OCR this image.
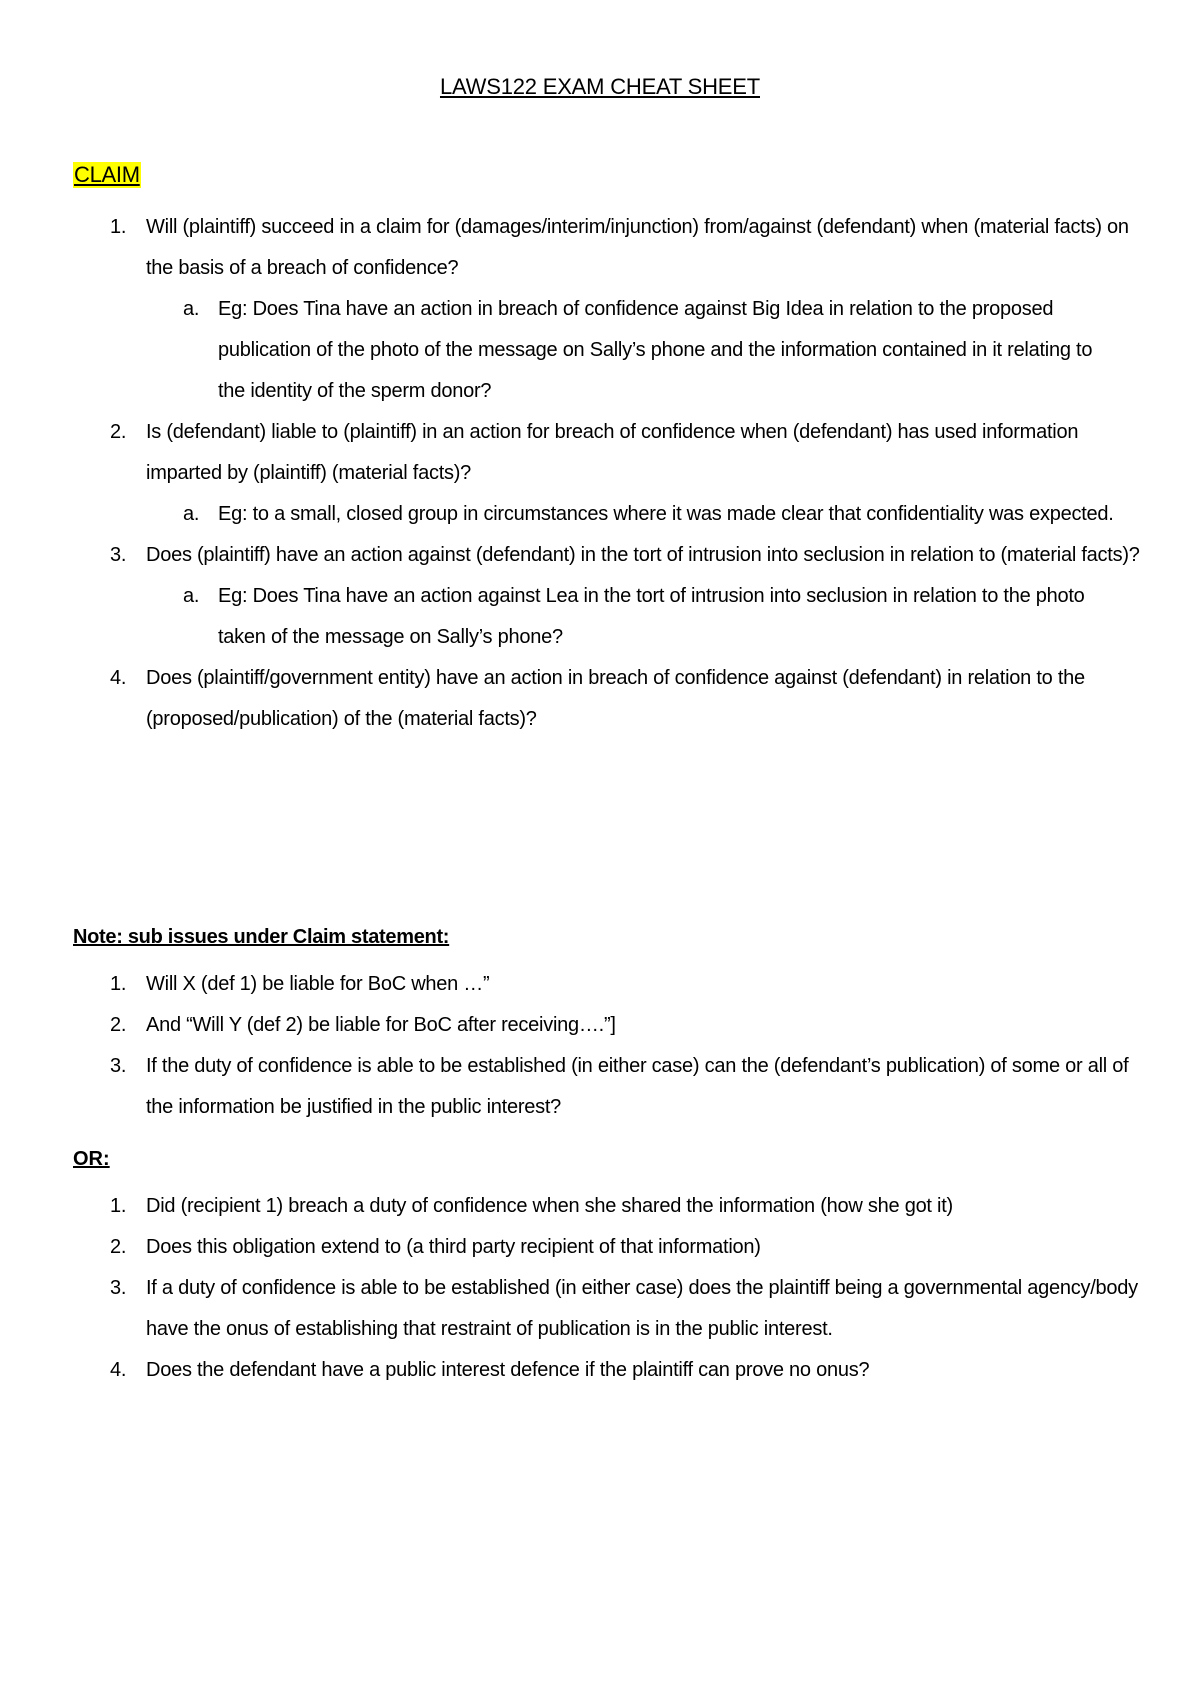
LAWS122 EXAM CHEAT SHEET
CLAIM
1. Will (plaintiff) succeed in a claim for (damages/interim/injunction) from/against (defendant) when (material facts) on the basis of a breach of confidence?
a. Eg: Does Tina have an action in breach of confidence against Big Idea in relation to the proposed publication of the photo of the message on Sally’s phone and the information contained in it relating to the identity of the sperm donor?
2. Is (defendant) liable to (plaintiff) in an action for breach of confidence when (defendant) has used information imparted by (plaintiff) (material facts)?
a. Eg: to a small, closed group in circumstances where it was made clear that confidentiality was expected.
3. Does (plaintiff) have an action against (defendant) in the tort of intrusion into seclusion in relation to (material facts)?
a. Eg: Does Tina have an action against Lea in the tort of intrusion into seclusion in relation to the photo taken of the message on Sally’s phone?
4. Does (plaintiff/government entity) have an action in breach of confidence against (defendant) in relation to the (proposed/publication) of the (material facts)?
Note: sub issues under Claim statement:
1. Will X (def 1) be liable for BoC when …”
2. And “Will Y (def 2) be liable for BoC after receiving….”]
3. If the duty of confidence is able to be established (in either case) can the (defendant’s publication) of some or all of the information be justified in the public interest?
OR:
1. Did (recipient 1) breach a duty of confidence when she shared the information (how she got it)
2. Does this obligation extend to (a third party recipient of that information)
3. If a duty of confidence is able to be established (in either case) does the plaintiff being a governmental agency/body have the onus of establishing that restraint of publication is in the public interest.
4. Does the defendant have a public interest defence if the plaintiff can prove no onus?
